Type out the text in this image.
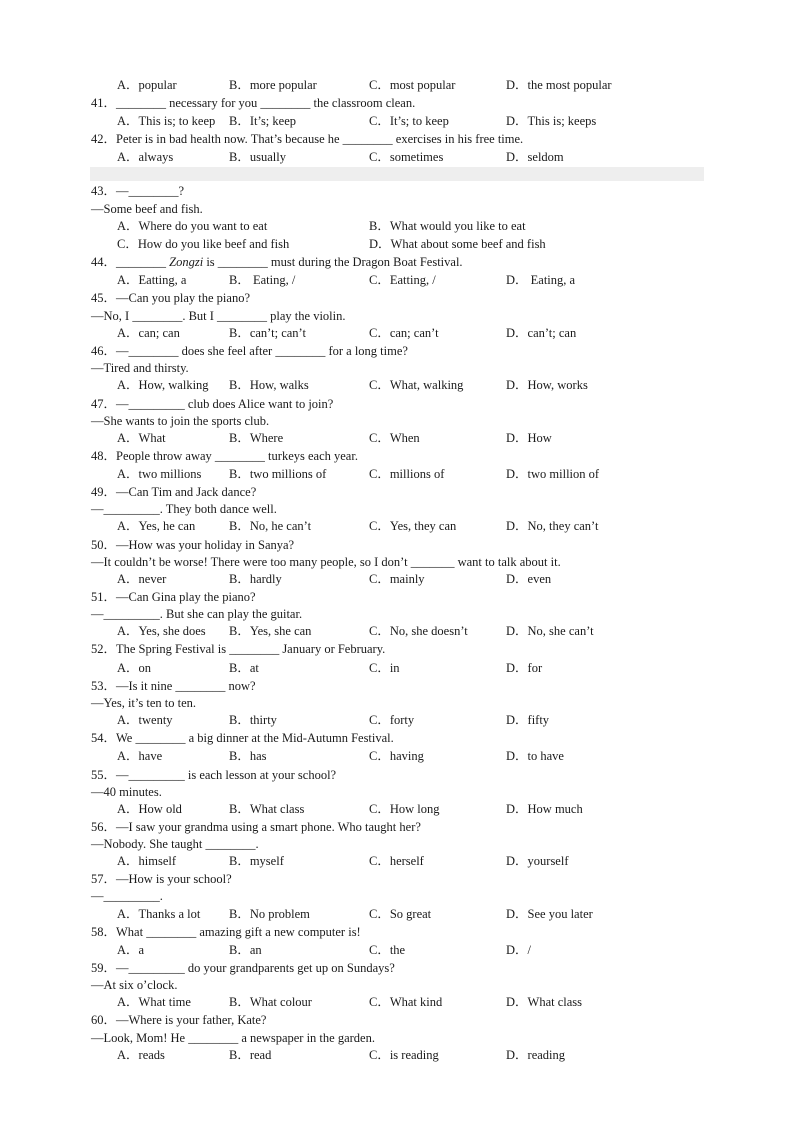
A．popular	B．more popular	C．most popular	D．the most popular
41．________ necessary for you ________ the classroom clean.
A．This is; to keep B．It’s; keep	C．It’s; to keep	D．This is; keeps
42．Peter is in bad health now. That’s because he ________ exercises in his free time.
A．always	B．usually	C．sometimes	D．seldom
43．—________?
—Some beef and fish.
A．Where do you want to eat	B．What would you like to eat
C．How do you like beef and fish	D．What about some beef and fish
44．________ Zongzi is ________ must during the Dragon Boat Festival.
A．Eatting, a	B． Eating, /	C．Eatting, /	D． Eating, a
45．—Can you play the piano?
—No, I ________. But I ________ play the violin.
A．can; can	B．can’t; can’t	C．can; can’t	D．can’t; can
46．—________ does she feel after ________ for a long time?
—Tired and thirsty.
A．How, walking B．How, walks	C．What, walking	D．How, works
47．—_________ club does Alice want to join?
—She wants to join the sports club.
A．What	B．Where	C．When	D．How
48．People throw away ________ turkeys each year.
A．two millions B．two millions of	C．millions of	D．two million of
49．—Can Tim and Jack dance?
—_________. They both dance well.
A．Yes, he can	B．No, he can’t	C．Yes, they can	D．No, they can’t
50．—How was your holiday in Sanya?
—It couldn’t be worse! There were too many people, so I don’t _______ want to talk about it.
A．never	B．hardly	C．mainly	D．even
51．—Can Gina play the piano?
—_________. But she can play the guitar.
A．Yes, she does B．Yes, she can	C．No, she doesn’t	D．No, she can’t
52．The Spring Festival is ________ January or February.
A．on	B．at	C．in	D．for
53．—Is it nine ________ now?
—Yes, it’s ten to ten.
A．twenty	B．thirty	C．forty	D．fifty
54．We ________ a big dinner at the Mid-Autumn Festival.
A．have	B．has	C．having	D．to have
55．—_________ is each lesson at your school?
—40 minutes.
A．How old	B．What class	C．How long	D．How much
56．—I saw your grandma using a smart phone. Who taught her?
—Nobody. She taught ________.
A．himself	B．myself	C．herself	D．yourself
57．—How is your school?
—_________.
A．Thanks a lot B．No problem	C．So great	D．See you later
58．What ________ amazing gift a new computer is!
A．a	B．an	C．the	D．/
59．—_________ do your grandparents get up on Sundays?
—At six o’clock.
A．What time	B．What colour	C．What kind	D．What class
60．—Where is your father, Kate?
—Look, Mom! He ________ a newspaper in the garden.
A．reads	B．read	C．is reading	D．reading
